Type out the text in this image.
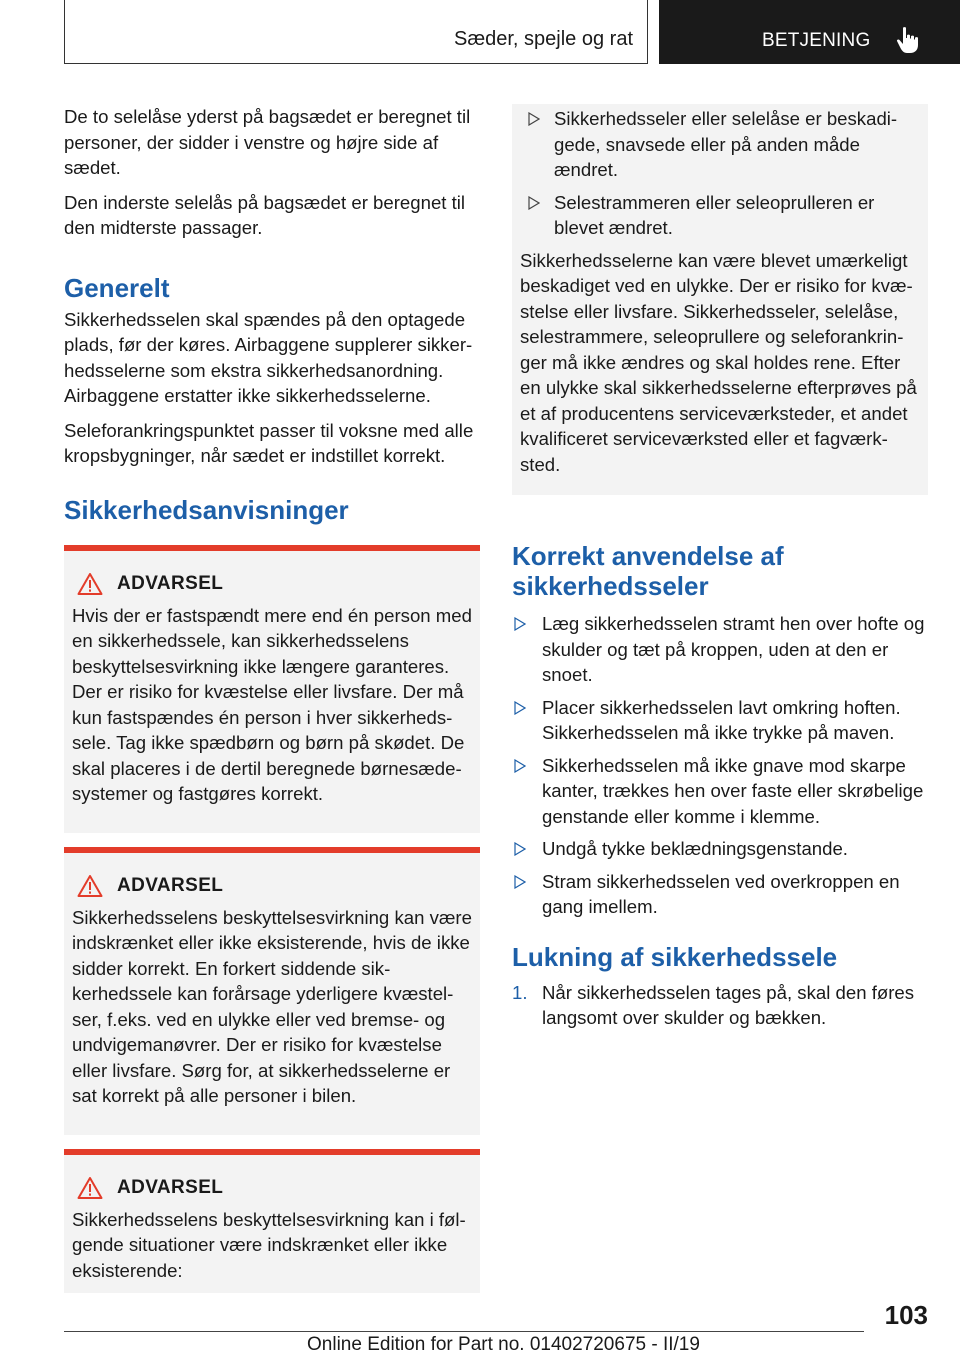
Sæder, spejle og rat	BETJENING

De to selelåse yderst på bagsædet er beregnet til personer, der sidder i venstre og højre side af sædet.

Den inderste selelås på bagsædet er beregnet til den midterste passager.

Generelt

Sikkerhedsselen skal spændes på den optagede plads, før der køres. Airbaggene supplerer sikkerhedsselerne som ekstra sikkerhedsanordning. Airbaggene erstatter ikke sikkerhedsselerne.

Seleforankringspunktet passer til voksne med alle kropsbygninger, når sædet er indstillet korrekt.

Sikkerhedsanvisninger
ADVARSEL

Hvis der er fastspændt mere end én person med en sikkerhedssele, kan sikkerhedsselens beskyttelsesvirkning ikke længere garanteres. Der er risiko for kvæstelse eller livsfare. Der må kun fastspændes én person i hver sikkerhedssele. Tag ikke spædbørn og børn på skødet. De skal placeres i de dertil beregnede børnesædesystemer og fastgøres korrekt.

ADVARSEL

Sikkerhedsselens beskyttelsesvirkning kan være indskrænket eller ikke eksisterende, hvis de ikke sidder korrekt. En forkert siddende sikkerhedssele kan forårsage yderligere kvæstelser, f.eks. ved en ulykke eller ved bremse- og undvigemanøvrer. Der er risiko for kvæstelse eller livsfare. Sørg for, at sikkerhedsselerne er sat korrekt på alle personer i bilen.

ADVARSEL

Sikkerhedsselens beskyttelsesvirkning kan i følgende situationer være indskrænket eller ikke eksisterende:

Sikkerhedsseler eller selelåse er beskadigede, snavsede eller på anden måde ændret.
Selestrammeren eller seleoprulleren er blevet ændret.

Sikkerhedsselerne kan være blevet umærkeligt beskadiget ved en ulykke. Der er risiko for kvæstelse eller livsfare. Sikkerhedsseler, selelåse, selestrammere, seleoprullere og seleforankringer må ikke ændres og skal holdes rene. Efter en ulykke skal sikkerhedsselerne efterprøves på et af producentens serviceværksteder, et andet kvalificeret serviceværksted eller et fagværksted.

Korrekt anvendelse af sikkerhedsseler
Læg sikkerhedsselen stramt hen over hofte og skulder og tæt på kroppen, uden at den er snoet.
Placer sikkerhedsselen lavt omkring hoften. Sikkerhedsselen må ikke trykke på maven.
Sikkerhedsselen må ikke gnave mod skarpe kanter, trækkes hen over faste eller skrøbelige genstande eller komme i klemme.
Undgå tykke beklædningsgenstande.
Stram sikkerhedsselen ved overkroppen en gang imellem.
Lukning af sikkerhedssele
1. Når sikkerhedsselen tages på, skal den føres langsomt over skulder og bækken.
103
Online Edition for Part no. 01402720675 - II/19
